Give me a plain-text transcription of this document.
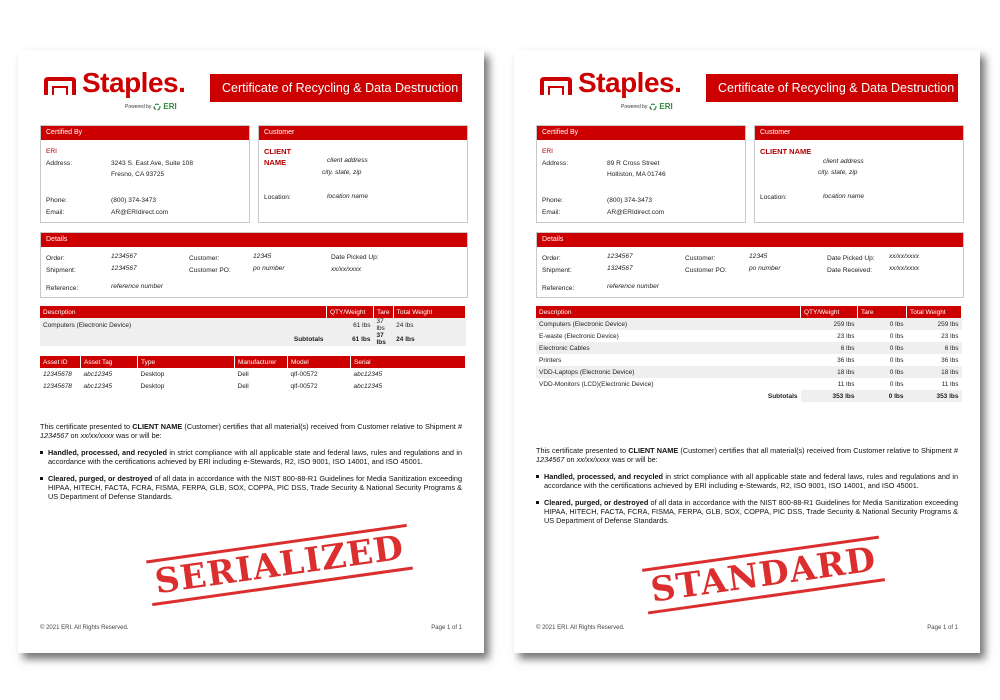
Staples.
Powered by ERI
Certificate of Recycling & Data Destruction
Certified By
ERI
Address:	3243 S. East Ave, Suite 108
Fresno, CA 93725
Phone:	(800) 374-3473
Email:	AR@ERIdirect.com
Customer
CLIENT
NAME	client address
city, state, zip
Location:	location name
Details
Order:	1234567
Shipment:	1234567
Customer:	12345
Customer PO:	po number
Date Picked Up:
xx/xx/xxxx
Reference:	reference number
Description	QTY/Weight	Tare	Total Weight
Computers (Electronic Device)	61 lbs	37 lbs	24 lbs
Subtotals	61 lbs	37 lbs	24 lbs
Asset ID	Asset Tag	Type	Manufacturer	Model	Serial
12345678	abc12345	Desktop	Dell	qlf-00572	abc12345
12345678	abc12345	Desktop	Dell	qlf-00572	abc12345
This certificate presented to CLIENT NAME (Customer) certifies that all material(s) received from Customer relative to Shipment # 1234567 on xx/xx/xxxx was or will be:
Handled, processed, and recycled in strict compliance with all applicable state and federal laws, rules and regulations and in accordance with the certifications achieved by ERI including e-Stewards, R2, ISO 9001, ISO 14001, and ISO 45001.
Cleared, purged, or destroyed of all data in accordance with the NIST 800-88-R1 Guidelines for Media Sanitization exceeding HIPAA, HITECH, FACTA, FCRA, FISMA, FERPA, GLB, SOX, COPPA, PIC DSS, Trade Security & National Security Programs & US Department of Defense Standards.
SERIALIZED
© 2021 ERI. All Rights Reserved.	Page 1 of 1
Staples.
Powered by ERI
Certificate of Recycling & Data Destruction
Certified By
ERI
Address:	89 R Cross Street
Holliston, MA 01746
Phone:	(800) 374-3473
Email:	AR@ERIdirect.com
Customer
CLIENT NAME
client address
city, state, zip
Location:	location name
Details
Order:	1234567
Shipment:	1324567
Customer:	12345
Customer PO:	po number
Date Picked Up: xx/xx/xxxx
Date Received:	xx/xx/xxxx
Reference:	reference number
Description	QTY/Weight	Tare	Total Weight
Computers (Electronic Device)	259 lbs	0 lbs	259 lbs
E-waste (Electronic Device)	23 lbs	0 lbs	23 lbs
Electronic Cables	6 lbs	0 lbs	6 lbs
Printers	36 lbs	0 lbs	36 lbs
VDD-Laptops (Electronic Device)	18 lbs	0 lbs	18 lbs
VDD-Monitors (LCD)(Electronic Device)	11 lbs	0 lbs	11 lbs
Subtotals	353 lbs	0 lbs	353 lbs
This certificate presented to CLIENT NAME (Customer) certifies that all material(s) received from Customer relative to Shipment # 1234567 on xx/xx/xxxx was or will be:
Handled, processed, and recycled in strict compliance with all applicable state and federal laws, rules and regulations and in accordance with the certifications achieved by ERI including e-Stewards, R2, ISO 9001, ISO 14001, and ISO 45001.
Cleared, purged, or destroyed of all data in accordance with the NIST 800-88-R1 Guidelines for Media Sanitization exceeding HIPAA, HITECH, FACTA, FCRA, FISMA, FERPA, GLB, SOX, COPPA, PIC DSS, Trade Security & National Security Programs & US Department of Defense Standards.
STANDARD
© 2021 ERI. All Rights Reserved.	Page 1 of 1
